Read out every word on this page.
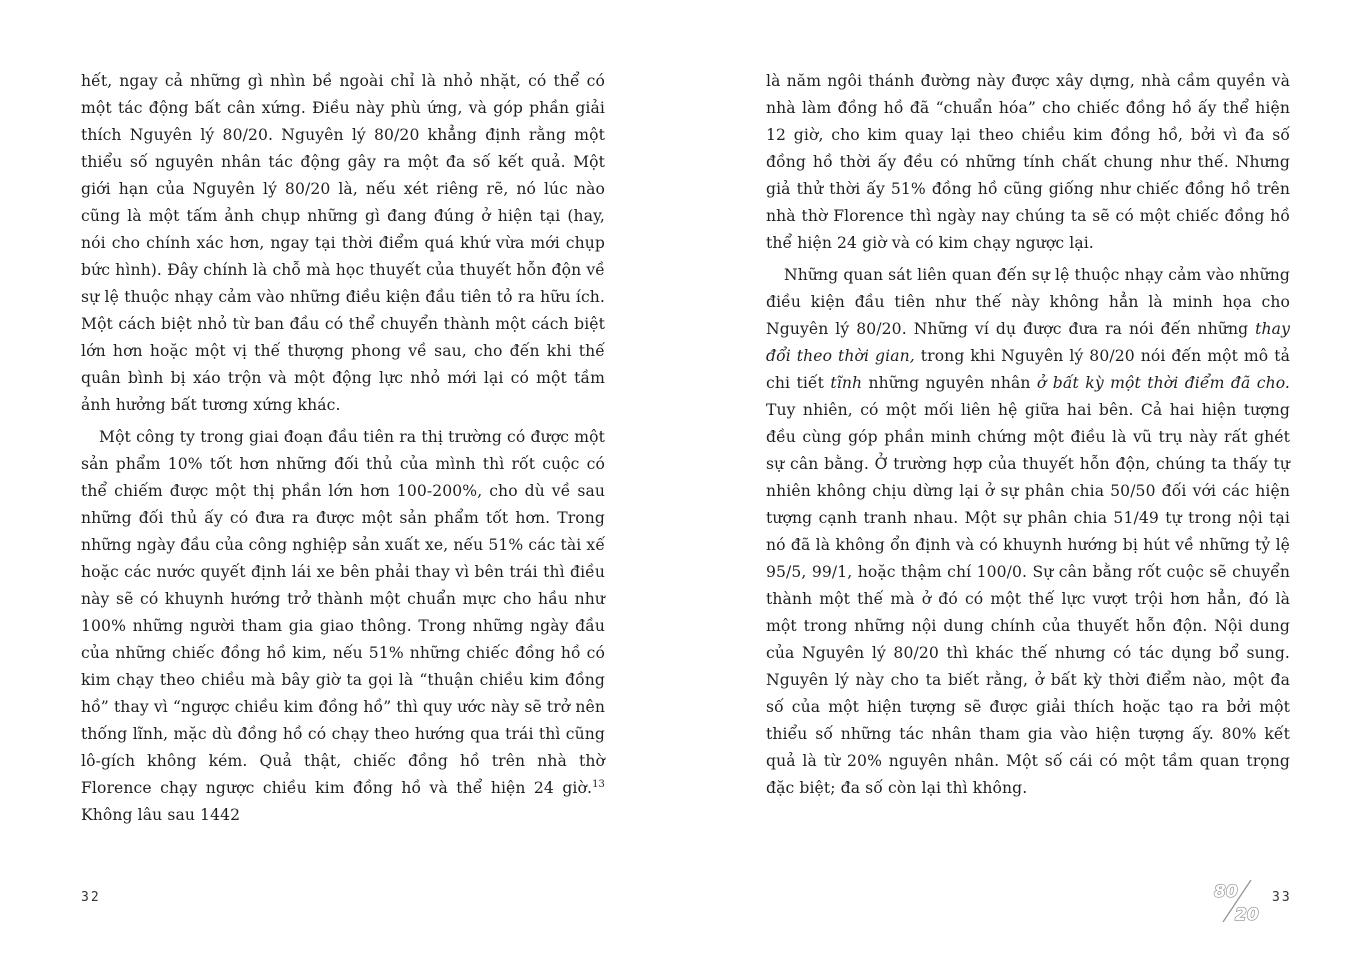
hết, ngay cả những gì nhìn bề ngoài chỉ là nhỏ nhặt, có thể có một tác động bất cân xứng. Điều này phù ứng, và góp phần giải thích Nguyên lý 80/20. Nguyên lý 80/20 khẳng định rằng một thiểu số nguyên nhân tác động gây ra một đa số kết quả. Một giới hạn của Nguyên lý 80/20 là, nếu xét riêng rẽ, nó lúc nào cũng là một tấm ảnh chụp những gì đang đúng ở hiện tại (hay, nói cho chính xác hơn, ngay tại thời điểm quá khứ vừa mới chụp bức hình). Đây chính là chỗ mà học thuyết của thuyết hỗn độn về sự lệ thuộc nhạy cảm vào những điều kiện đầu tiên tỏ ra hữu ích. Một cách biệt nhỏ từ ban đầu có thể chuyển thành một cách biệt lớn hơn hoặc một vị thế thượng phong về sau, cho đến khi thế quân bình bị xáo trộn và một động lực nhỏ mới lại có một tầm ảnh hưởng bất tương xứng khác.

Một công ty trong giai đoạn đầu tiên ra thị trường có được một sản phẩm 10% tốt hơn những đối thủ của mình thì rốt cuộc có thể chiếm được một thị phần lớn hơn 100-200%, cho dù về sau những đối thủ ấy có đưa ra được một sản phẩm tốt hơn. Trong những ngày đầu của công nghiệp sản xuất xe, nếu 51% các tài xế hoặc các nước quyết định lái xe bên phải thay vì bên trái thì điều này sẽ có khuynh hướng trở thành một chuẩn mực cho hầu như 100% những người tham gia giao thông. Trong những ngày đầu của những chiếc đồng hồ kim, nếu 51% những chiếc đồng hồ có kim chạy theo chiều mà bây giờ ta gọi là “thuận chiều kim đồng hồ” thay vì “ngược chiều kim đồng hồ” thì quy ước này sẽ trở nên thống lĩnh, mặc dù đồng hồ có chạy theo hướng qua trái thì cũng lô-gích không kém. Quả thật, chiếc đồng hồ trên nhà thờ Florence chạy ngược chiều kim đồng hồ và thể hiện 24 giờ.$^{13}$ Không lâu sau 1442

32

là năm ngôi thánh đường này được xây dựng, nhà cầm quyền và nhà làm đồng hồ đã “chuẩn hóa” cho chiếc đồng hồ ấy thể hiện 12 giờ, cho kim quay lại theo chiều kim đồng hồ, bởi vì đa số đồng hồ thời ấy đều có những tính chất chung như thế. Nhưng giả thử thời ấy 51% đồng hồ cũng giống như chiếc đồng hồ trên nhà thờ Florence thì ngày nay chúng ta sẽ có một chiếc đồng hồ thể hiện 24 giờ và có kim chạy ngược lại.

Những quan sát liên quan đến sự lệ thuộc nhạy cảm vào những điều kiện đầu tiên như thế này không hẳn là minh họa cho Nguyên lý 80/20. Những ví dụ được đưa ra nói đến những thay đổi theo thời gian, trong khi Nguyên lý 80/20 nói đến một mô tả chi tiết tĩnh những nguyên nhân ở bất kỳ một thời điểm đã cho. Tuy nhiên, có một mối liên hệ giữa hai bên. Cả hai hiện tượng đều cùng góp phần minh chứng một điều là vũ trụ này rất ghét sự cân bằng. Ở trường hợp của thuyết hỗn độn, chúng ta thấy tự nhiên không chịu dừng lại ở sự phân chia 50/50 đối với các hiện tượng cạnh tranh nhau. Một sự phân chia 51/49 tự trong nội tại nó đã là không ổn định và có khuynh hướng bị hút về những tỷ lệ 95/5, 99/1, hoặc thậm chí 100/0. Sự cân bằng rốt cuộc sẽ chuyển thành một thế mà ở đó có một thế lực vượt trội hơn hẳn, đó là một trong những nội dung chính của thuyết hỗn độn. Nội dung của Nguyên lý 80/20 thì khác thế nhưng có tác dụng bổ sung. Nguyên lý này cho ta biết rằng, ở bất kỳ thời điểm nào, một đa số của một hiện tượng sẽ được giải thích hoặc tạo ra bởi một thiểu số những tác nhân tham gia vào hiện tượng ấy. 80% kết quả là từ 20% nguyên nhân. Một số cái có một tầm quan trọng đặc biệt; đa số còn lại thì không.

80
20
33
